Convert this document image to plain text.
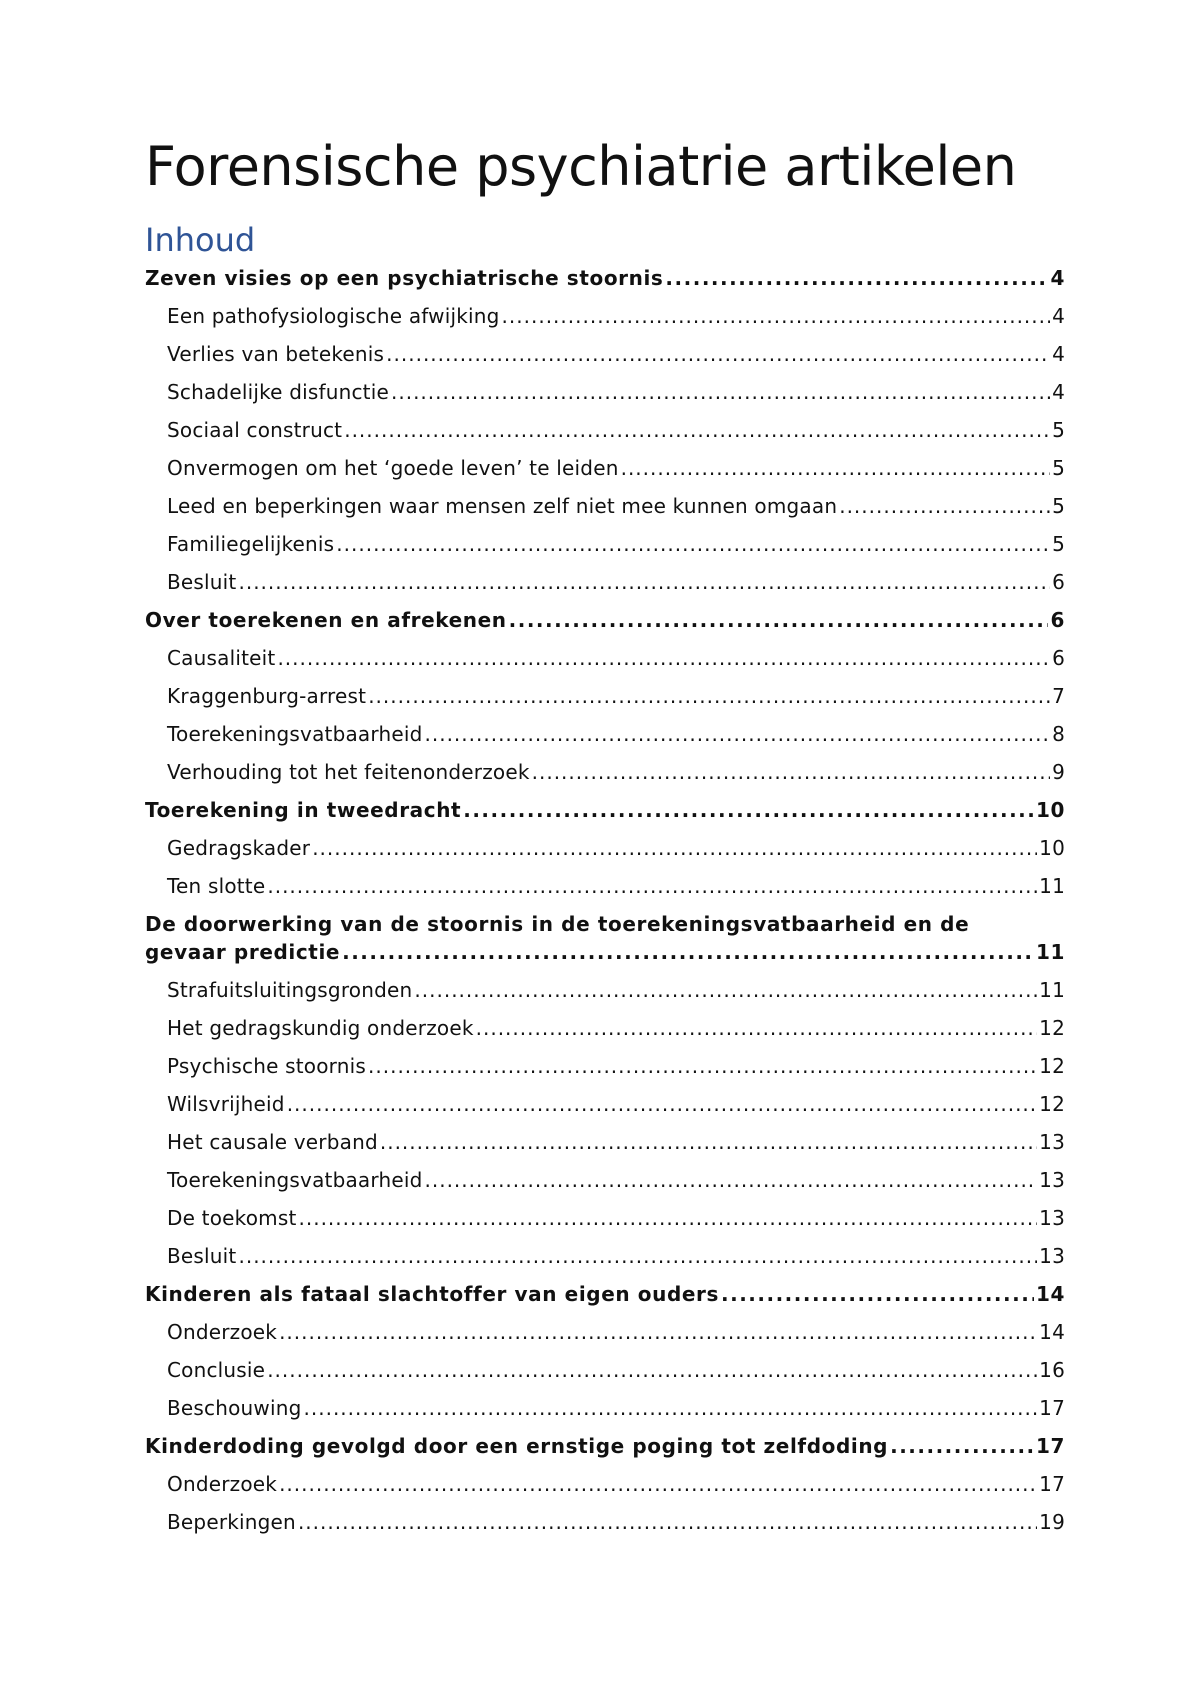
Forensische psychiatrie artikelen
Inhoud
Zeven visies op een psychiatrische stoornis .....	4
Een pathofysiologische afwijking .....	4
Verlies van betekenis .....	4
Schadelijke disfunctie .....	4
Sociaal construct .....	5
Onvermogen om het ‘goede leven’ te leiden .....	5
Leed en beperkingen waar mensen zelf niet mee kunnen omgaan .....	5
Familiegelijkenis .....	5
Besluit .....	6
Over toerekenen en afrekenen .....	6
Causaliteit .....	6
Kraggenburg-arrest .....	7
Toerekeningsvatbaarheid .....	8
Verhouding tot het feitenonderzoek .....	9
Toerekening in tweedracht .....	10
Gedragskader .....	10
Ten slotte .....	11
De doorwerking van de stoornis in de toerekeningsvatbaarheid en de
gevaar predictie .....	11
Strafuitsluitingsgronden .....	11
Het gedragskundig onderzoek .....	12
Psychische stoornis .....	12
Wilsvrijheid .....	12
Het causale verband .....	13
Toerekeningsvatbaarheid .....	13
De toekomst .....	13
Besluit .....	13
Kinderen als fataal slachtoffer van eigen ouders .....	14
Onderzoek .....	14
Conclusie .....	16
Beschouwing .....	17
Kinderdoding gevolgd door een ernstige poging tot zelfdoding .....	17
Onderzoek .....	17
Beperkingen .....	19
